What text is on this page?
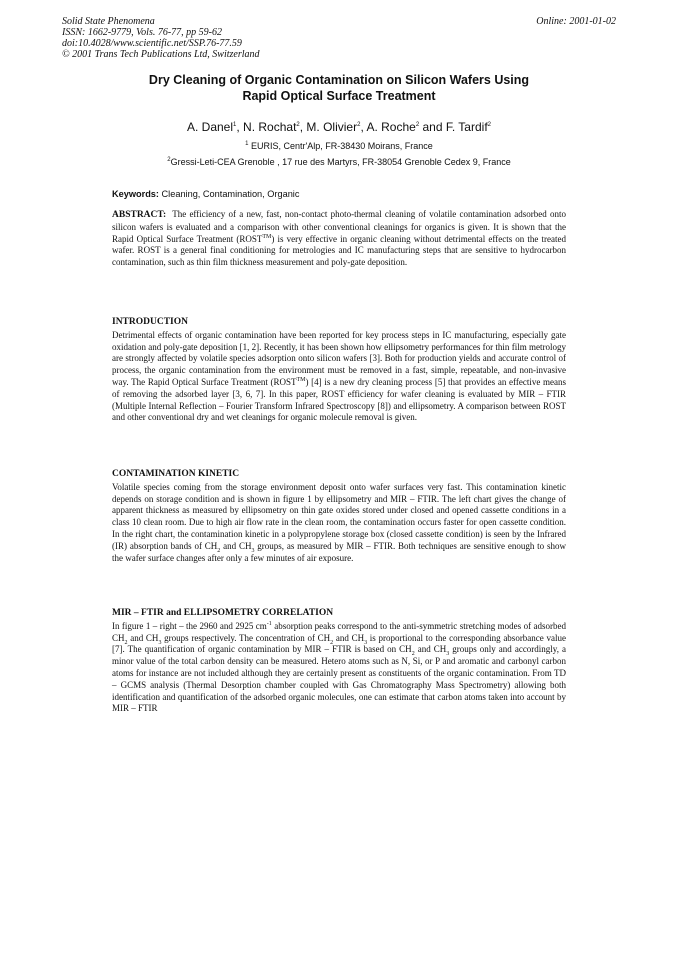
Solid State Phenomena
ISSN: 1662-9779, Vols. 76-77, pp 59-62
doi:10.4028/www.scientific.net/SSP.76-77.59
© 2001 Trans Tech Publications Ltd, Switzerland
Online: 2001-01-02
Dry Cleaning of Organic Contamination on Silicon Wafers Using
Rapid Optical Surface Treatment
A. Danel$^1$, N. Rochat$^2$, M. Olivier$^2$, A. Roche$^2$ and F. Tardif$^2$
$^1$ EURIS, Centr'Alp, FR-38430 Moirans, France
$^2$Gressi-Leti-CEA Grenoble , 17 rue des Martyrs, FR-38054 Grenoble Cedex 9, France
Keywords: Cleaning, Contamination, Organic

ABSTRACT: The efficiency of a new, fast, non-contact photo-thermal cleaning of volatile contamination adsorbed onto silicon wafers is evaluated and a comparison with other conventional cleanings for organics is given. It is shown that the Rapid Optical Surface Treatment (ROST™) is very effective in organic cleaning without detrimental effects on the treated wafer. ROST is a general final conditioning for metrologies and IC manufacturing steps that are sensitive to hydrocarbon contamination, such as thin film thickness measurement and poly-gate deposition.

INTRODUCTION

Detrimental effects of organic contamination have been reported for key process steps in IC manufacturing, especially gate oxidation and poly-gate deposition [1, 2]. Recently, it has been shown how ellipsometry performances for thin film metrology are strongly affected by volatile species adsorption onto silicon wafers [3]. Both for production yields and accurate control of process, the organic contamination from the environment must be removed in a fast, simple, repeatable, and non-invasive way. The Rapid Optical Surface Treatment (ROST™) [4] is a new dry cleaning process [5] that provides an effective means of removing the adsorbed layer [3, 6, 7]. In this paper, ROST efficiency for wafer cleaning is evaluated by MIR – FTIR (Multiple Internal Reflection – Fourier Transform Infrared Spectroscopy [8]) and ellipsometry. A comparison between ROST and other conventional dry and wet cleanings for organic molecule removal is given.

CONTAMINATION KINETIC

Volatile species coming from the storage environment deposit onto wafer surfaces very fast. This contamination kinetic depends on storage condition and is shown in figure 1 by ellipsometry and MIR – FTIR. The left chart gives the change of apparent thickness as measured by ellipsometry on thin gate oxides stored under closed and opened cassette conditions in a class 10 clean room. Due to high air flow rate in the clean room, the contamination occurs faster for open cassette condition. In the right chart, the contamination kinetic in a polypropylene storage box (closed cassette condition) is seen by the Infrared (IR) absorption bands of $CH_2$ and $CH_3$ groups, as measured by MIR – FTIR. Both techniques are sensitive enough to show the wafer surface changes after only a few minutes of air exposure.

MIR – FTIR and ELLIPSOMETRY CORRELATION

In figure 1 – right – the 2960 and 2925 $cm^{-1}$ absorption peaks correspond to the anti-symmetric stretching modes of adsorbed $CH_2$ and $CH_3$ groups respectively. The concentration of $CH_2$ and $CH_3$ is proportional to the corresponding absorbance value [7]. The quantification of organic contamination by MIR – FTIR is based on $CH_2$ and $CH_3$ groups only and accordingly, a minor value of the total carbon density can be measured. Hetero atoms such as N, Si, or P and aromatic and carbonyl carbon atoms for instance are not included although they are certainly present as constituents of the organic contamination. From TD – GCMS analysis (Thermal Desorption chamber coupled with Gas Chromatography Mass Spectrometry) allowing both identification and quantification of the adsorbed organic molecules, one can estimate that carbon atoms taken into account by MIR – FTIR
